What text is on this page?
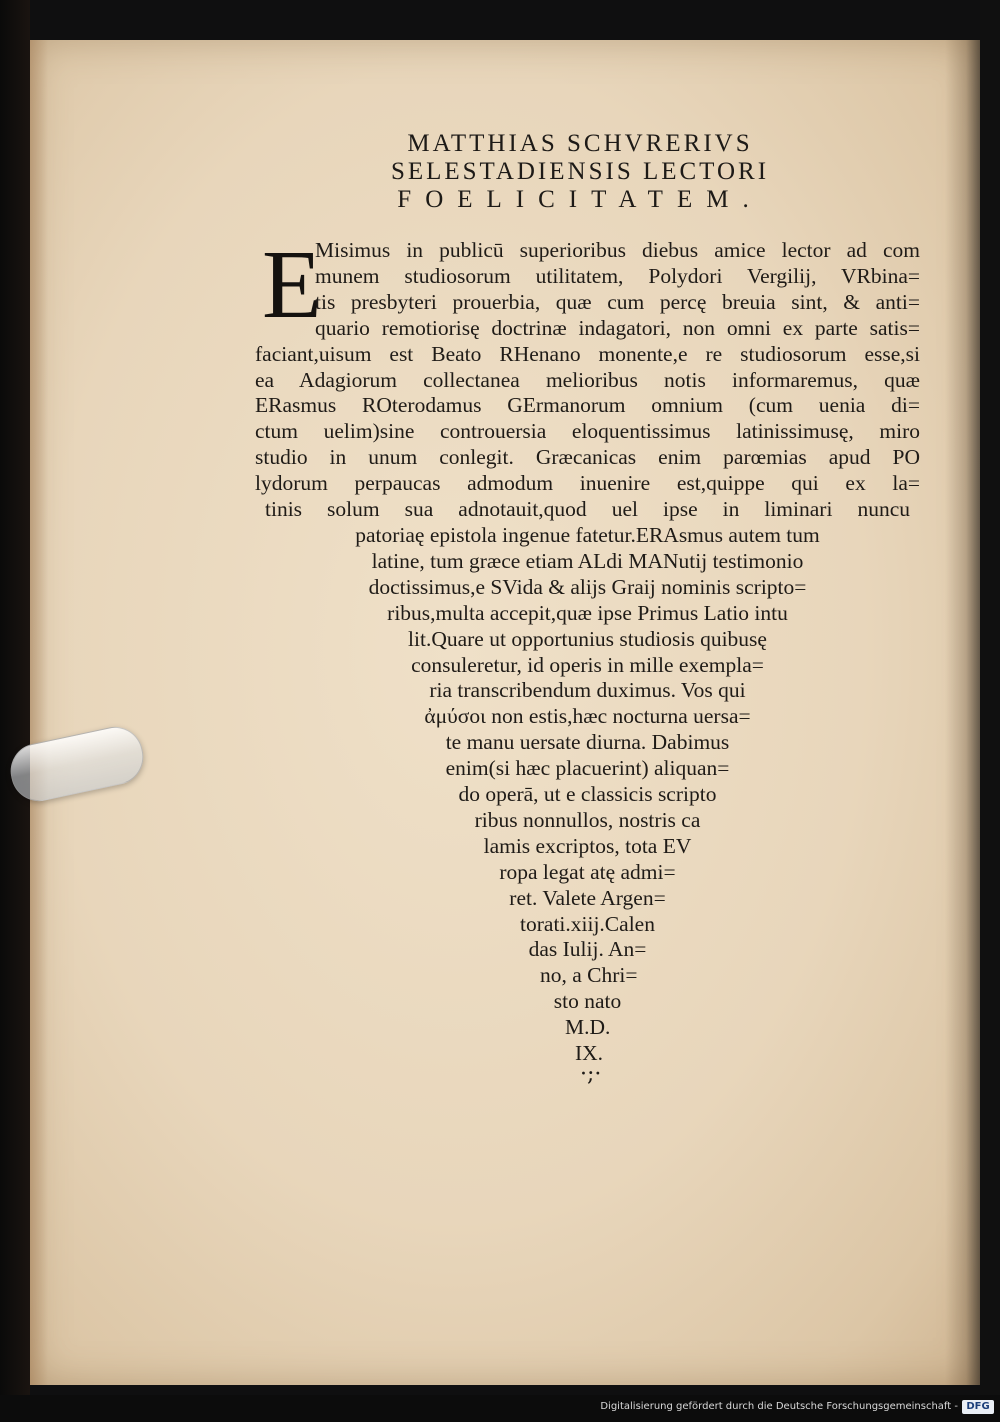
MATTHIAS SCHVRERIVS
SELESTADIENSIS LECTORI
FOELICITATEM.
E
Misimus in publicū superioribus diebus amice lector ad com
munem studiosorum utilitatem, Polydori Vergilij, VRbina=
tis presbyteri prouerbia, quæ cum percę breuia sint, & anti=
quario remotiorisę doctrinæ indagatori, non omni ex parte satis=
faciant,uisum est Beato RHenano monente,e re studiosorum esse,si
ea Adagiorum collectanea melioribus notis informaremus, quæ
ERasmus ROterodamus GErmanorum omnium (cum uenia di=
ctum uelim)sine controuersia eloquentissimus latinissimusę, miro
studio in unum conlegit. Græcanicas enim parœmias apud PO
lydorum perpaucas admodum inuenire est,quippe qui ex la=
tinis solum sua adnotauit,quod uel ipse in liminari nuncu
patoriaę epistola ingenue fatetur.ERAsmus autem tum
latine, tum græce etiam ALdi MANutij testimonio
doctissimus,e SVida & alijs Graij nominis scripto=
ribus,multa accepit,quæ ipse Primus Latio intu
lit.Quare ut opportunius studiosis quibusę
consuleretur, id operis in mille exempla=
ria transcribendum duximus. Vos qui
ἀμύσοι non estis,hæc nocturna uersa=
te manu uersate diurna. Dabimus
enim(si hæc placuerint) aliquan=
do operā, ut e classicis scripto
ribus nonnullos, nostris ca
lamis excriptos, tota EV
ropa legat atę admi=
ret. Valete Argen=
torati.xiij.Calen
das Iulij. An=
no, a Chri=
sto nato
M.D.
IX.
·;·
Digitalisierung gefördert durch die Deutsche Forschungsgemeinschaft - DFG
